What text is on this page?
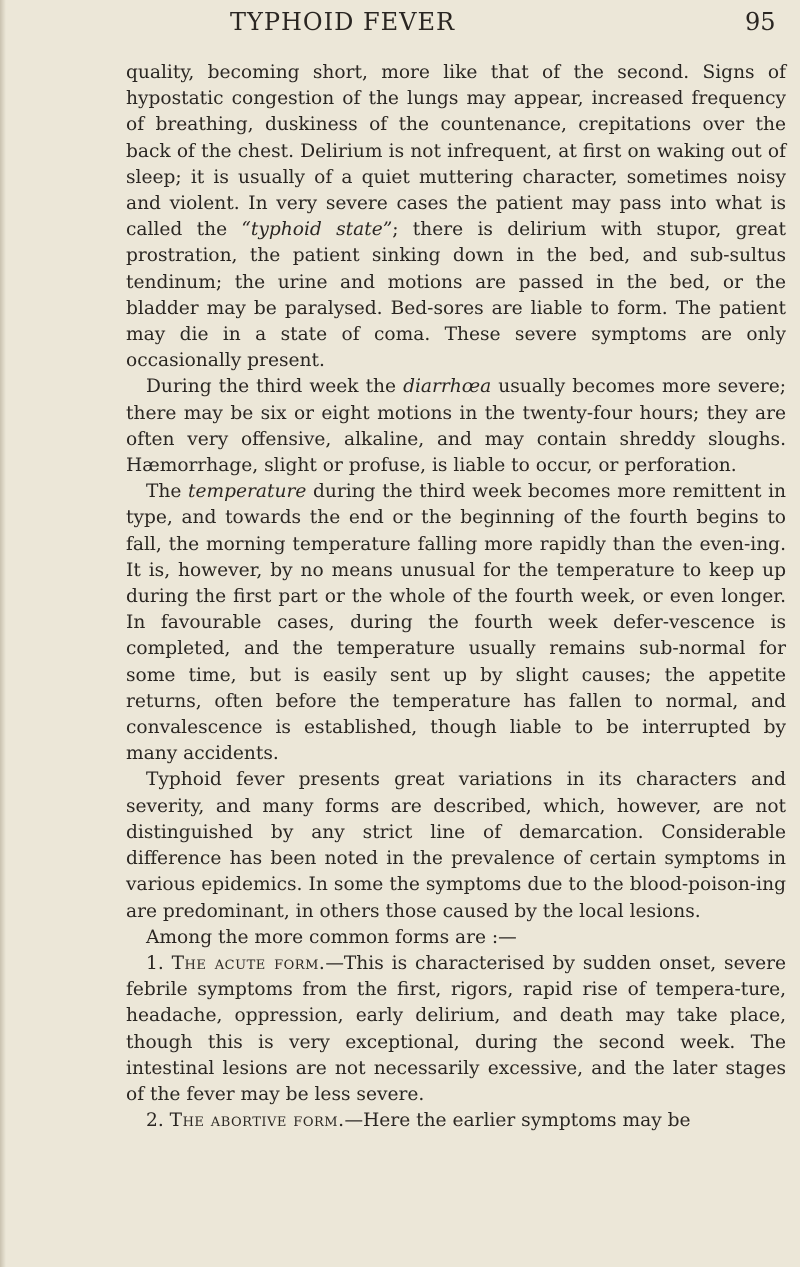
TYPHOID FEVER	95

quality, becoming short, more like that of the second. Signs of hypostatic congestion of the lungs may appear, increased frequency of breathing, duskiness of the countenance, crepitations over the back of the chest. Delirium is not infrequent, at first on waking out of sleep; it is usually of a quiet muttering character, sometimes noisy and violent. In very severe cases the patient may pass into what is called the “typhoid state”; there is delirium with stupor, great prostration, the patient sinking down in the bed, and sub-sultus tendinum; the urine and motions are passed in the bed, or the bladder may be paralysed. Bed-sores are liable to form. The patient may die in a state of coma. These severe symptoms are only occasionally present.

During the third week the diarrhœa usually becomes more severe; there may be six or eight motions in the twenty-four hours; they are often very offensive, alkaline, and may contain shreddy sloughs. Hæmorrhage, slight or profuse, is liable to occur, or perforation.

The temperature during the third week becomes more remittent in type, and towards the end or the beginning of the fourth begins to fall, the morning temperature falling more rapidly than the even-ing. It is, however, by no means unusual for the temperature to keep up during the first part or the whole of the fourth week, or even longer. In favourable cases, during the fourth week defer-vescence is completed, and the temperature usually remains sub-normal for some time, but is easily sent up by slight causes; the appetite returns, often before the temperature has fallen to normal, and convalescence is established, though liable to be interrupted by many accidents.

Typhoid fever presents great variations in its characters and severity, and many forms are described, which, however, are not distinguished by any strict line of demarcation. Considerable difference has been noted in the prevalence of certain symptoms in various epidemics. In some the symptoms due to the blood-poison-ing are predominant, in others those caused by the local lesions.

Among the more common forms are :—

1. The acute form.—This is characterised by sudden onset, severe febrile symptoms from the first, rigors, rapid rise of tempera-ture, headache, oppression, early delirium, and death may take place, though this is very exceptional, during the second week. The intestinal lesions are not necessarily excessive, and the later stages of the fever may be less severe.

2. The abortive form.—Here the earlier symptoms may be
